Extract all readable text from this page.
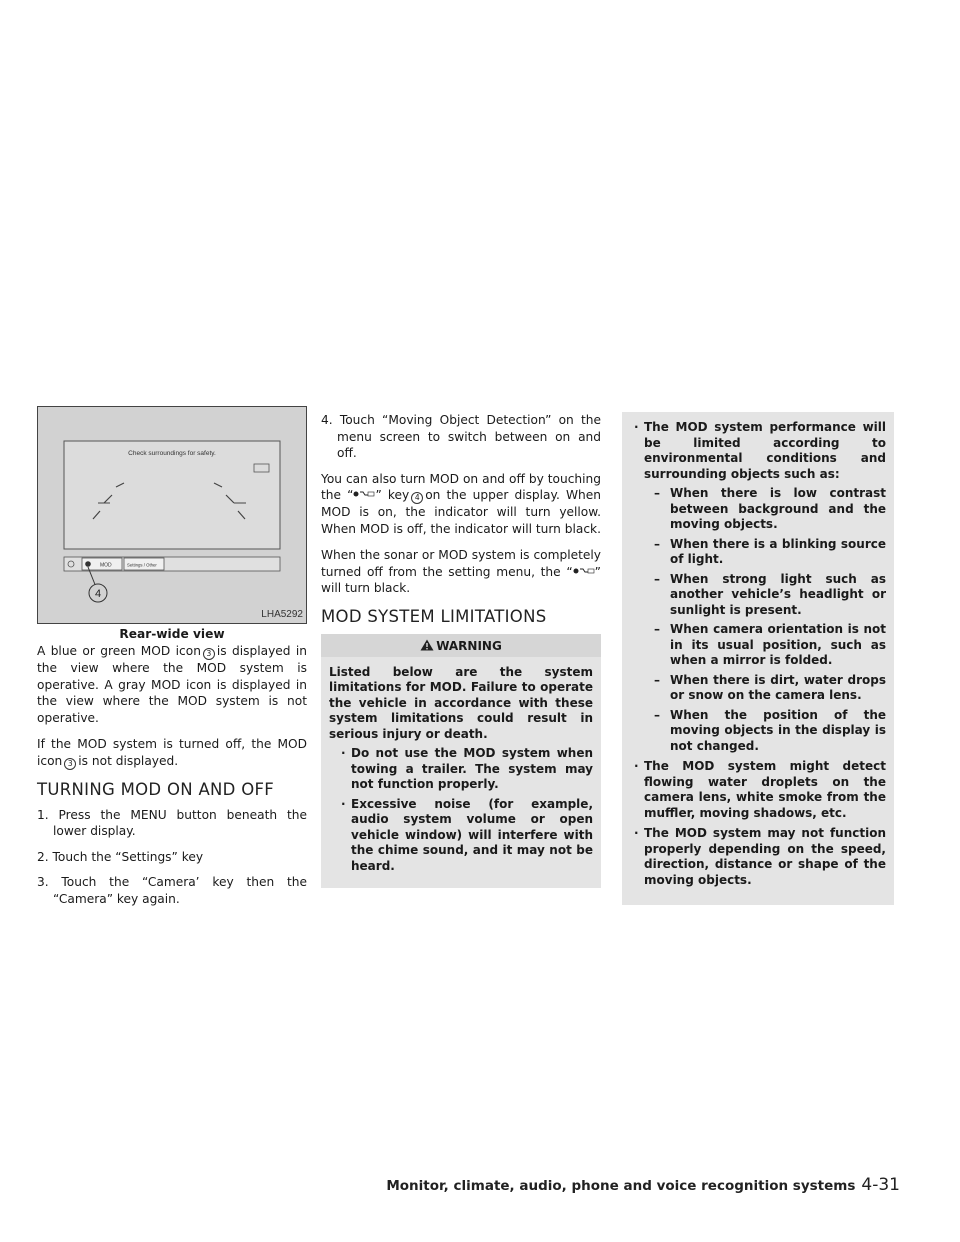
Check surroundings for safety.
MOD	Settings / Other
4
LHA5292
Rear-wide view

A blue or green MOD icon 3 is displayed in the view where the MOD system is operative. A gray MOD icon is displayed in the view where the MOD system is not operative.

If the MOD system is turned off, the MOD icon 3 is not displayed.

TURNING MOD ON AND OFF
1. Press the MENU button beneath the lower display.
2. Touch the “Settings” key
3. Touch the “Camera’ key then the “Camera” key again.
4. Touch “Moving Object Detection” on the menu screen to switch between on and off.

You can also turn MOD on and off by touching the “ ” key 4 on the upper display. When MOD is on, the indicator will turn yellow. When MOD is off, the indicator will turn black.

When the sonar or MOD system is completely turned off from the setting menu, the “ ” will turn black.

MOD SYSTEM LIMITATIONS
WARNING

Listed below are the system limitations for MOD. Failure to operate the vehicle in accordance with these system limitations could result in serious injury or death.

· Do not use the MOD system when towing a trailer. The system may not function properly.
· Excessive noise (for example, audio system volume or open vehicle window) will interfere with the chime sound, and it may not be heard.
· The MOD system performance will be limited according to environmental conditions and surrounding objects such as:
– When there is low contrast between background and the moving objects.
– When there is a blinking source of light.
– When strong light such as another vehicle’s headlight or sunlight is present.
– When camera orientation is not in its usual position, such as when a mirror is folded.
– When there is dirt, water drops or snow on the camera lens.
– When the position of the moving objects in the display is not changed.
· The MOD system might detect flowing water droplets on the camera lens, white smoke from the muffler, moving shadows, etc.
· The MOD system may not function properly depending on the speed, direction, distance or shape of the moving objects.
Monitor, climate, audio, phone and voice recognition systems 4-31
